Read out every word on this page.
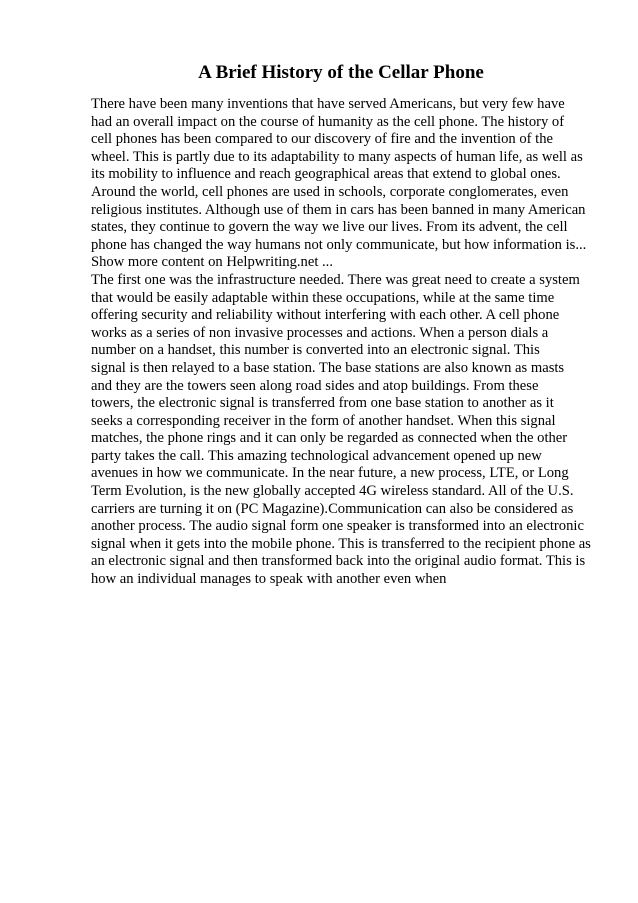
A Brief History of the Cellar Phone
There have been many inventions that have served Americans, but very few have
had an overall impact on the course of humanity as the cell phone. The history of
cell phones has been compared to our discovery of fire and the invention of the
wheel. This is partly due to its adaptability to many aspects of human life, as well as
its mobility to influence and reach geographical areas that extend to global ones.
Around the world, cell phones are used in schools, corporate conglomerates, even
religious institutes. Although use of them in cars has been banned in many American
states, they continue to govern the way we live our lives. From its advent, the cell
phone has changed the way humans not only communicate, but how information is...
Show more content on Helpwriting.net ...
The first one was the infrastructure needed. There was great need to create a system
that would be easily adaptable within these occupations, while at the same time
offering security and reliability without interfering with each other. A cell phone
works as a series of non invasive processes and actions. When a person dials a
number on a handset, this number is converted into an electronic signal. This
signal is then relayed to a base station. The base stations are also known as masts
and they are the towers seen along road sides and atop buildings. From these
towers, the electronic signal is transferred from one base station to another as it
seeks a corresponding receiver in the form of another handset. When this signal
matches, the phone rings and it can only be regarded as connected when the other
party takes the call. This amazing technological advancement opened up new
avenues in how we communicate. In the near future, a new process, LTE, or Long
Term Evolution, is the new globally accepted 4G wireless standard. All of the U.S.
carriers are turning it on (PC Magazine).Communication can also be considered as
another process. The audio signal form one speaker is transformed into an electronic
signal when it gets into the mobile phone. This is transferred to the recipient phone as
an electronic signal and then transformed back into the original audio format. This is
how an individual manages to speak with another even when
